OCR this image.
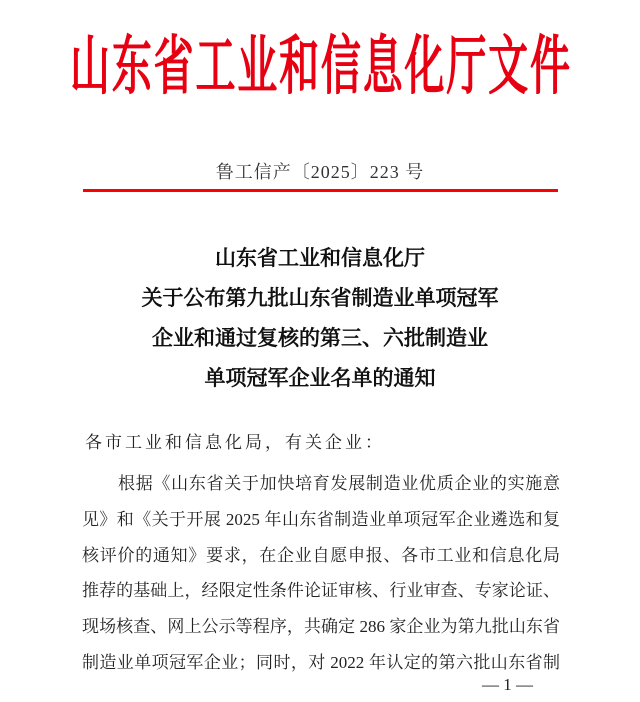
山东省工业和信息化厅文件
鲁工信产〔2025〕223 号
山东省工业和信息化厅
关于公布第九批山东省制造业单项冠军
企业和通过复核的第三、六批制造业
单项冠军企业名单的通知
各市工业和信息化局，有关企业：
根据《山东省关于加快培育发展制造业优质企业的实施意
见》和《关于开展 2025 年山东省制造业单项冠军企业遴选和复
核评价的通知》要求，在企业自愿申报、各市工业和信息化局
推荐的基础上，经限定性条件论证审核、行业审查、专家论证、
现场核查、网上公示等程序，共确定 286 家企业为第九批山东省
制造业单项冠军企业；同时，对 2022 年认定的第六批山东省制
— 1 —
